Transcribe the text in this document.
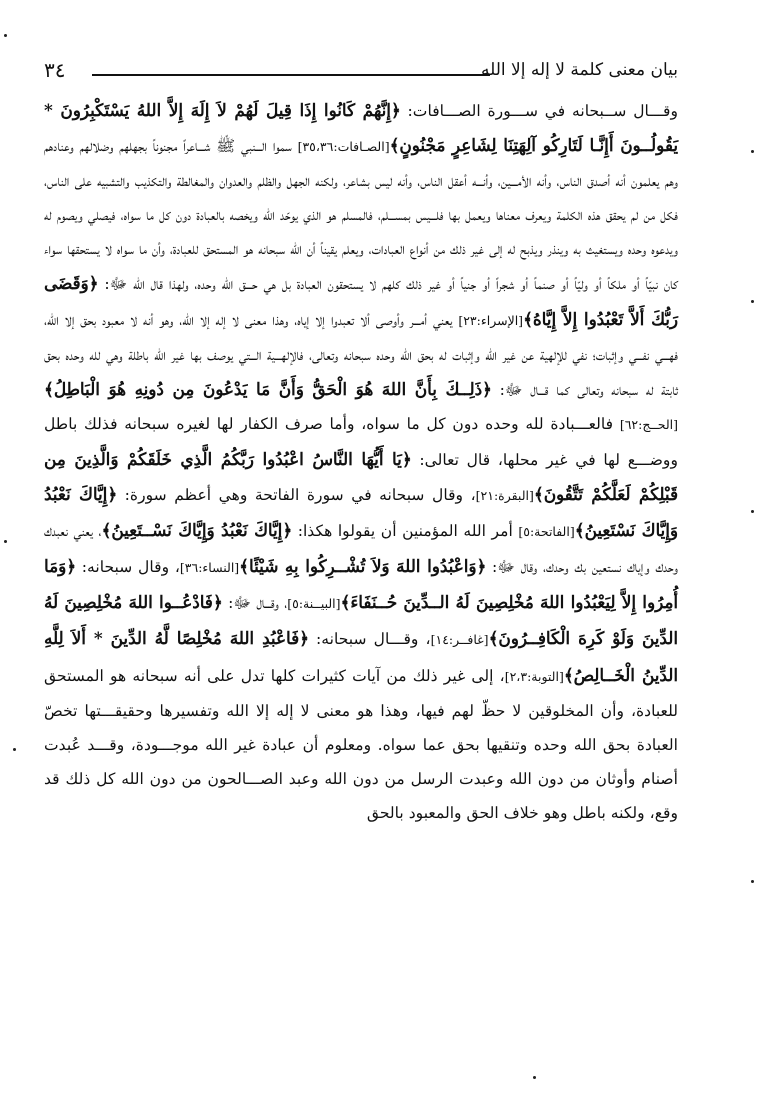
بيان معنى كلمة لا إله إلا الله
٣٤

وقـــال ســبحانه في ســـورة الصـــافات: ﴿إِنَّهُمْ كَانُوا إِذَا قِيلَ لَهُمْ لاَ إِلَهَ إِلاَّ اللهُ يَسْتَكْبِرُونَ * يَقُولُــونَ أَإِنَّـا لَتَارِكُو آلِهَتِنَا لِشَاعِرٍ مَجْنُونٍ﴾[الصـافات:٣٥،٣٦] سموا الـــنبي ﷺ شـــاعراً مجنوناً بجهلهم وضلالهم وعنادهم وهم يعلمون أنه أصدق الناس، وأنه الأمـــين، وأنـــه أعقل الناس، وأنه ليس بشاعر، ولكنه الجهل والظلم والعدوان والمغالطة والتكذيب والتشبيه على الناس، فكل من لم يحقق هذه الكلمة ويعرف معناها ويعمل بها فلـــيس بمســـلم، فالمسلم هو الذي يوحّد الله ويخصه بالعبادة دون كل ما سواه، فيصلي ويصوم له ويدعوه وحده ويستغيث به وينذر ويذبح له إلى غير ذلك من أنواع العبادات، ويعلم يقيناً أن الله سبحانه هو المستحق للعبادة، وأن ما سواه لا يستحقها سواء كان نبيّاً أو ملكاً أو وليّاً أو صنماً أو شجراً أو جنياً أو غير ذلك كلهم لا يستحقون العبادة بل هي حـــق الله وحده، ولهذا قال الله ﷻ: ﴿وَقَضَى رَبُّكَ أَلاَّ تَعْبُدُوا إِلاَّ إِيَّاهُ﴾[الإسراء:٢٣] يعني أمـــر وأوصى ألا تعبدوا إلا إياه، وهذا معنى لا إله إلا الله، وهو أنه لا معبود بحق إلا الله، فهـــي نفـــي وإثبات؛ نفي للإلهية عن غير الله وإثبات له بحق الله وحده سبحانه وتعالى، فالإلهـــية الـــتي يوصف بها غير الله باطلة وهي لله وحده بحق ثابتة له سبحانه وتعالى كما قـــال ﷻ: ﴿ذَلِــكَ بِأَنَّ اللهَ هُوَ الْحَقُّ وَأَنَّ مَا يَدْعُونَ مِن دُونِهِ هُوَ الْبَاطِلُ﴾[الحــج:٦٢] فالعـــبادة لله وحده دون كل ما سواه، وأما صرف الكفار لها لغيره سبحانه فذلك باطل ووضـــع لها في غير محلها، قال تعالى: ﴿يَا أَيُّهَا النَّاسُ اعْبُدُوا رَبَّكُمُ الَّذِي خَلَقَكُمْ وَالَّذِينَ مِن قَبْلِكُمْ لَعَلَّكُمْ تَتَّقُونَ﴾[البقرة:٢١]، وقال سبحانه في سورة الفاتحة وهي أعظم سورة: ﴿إِيَّاكَ نَعْبُدُ وَإِيَّاكَ نَسْتَعِينُ﴾[الفاتحة:٥] أمر الله المؤمنين أن يقولوا هكذا: ﴿إِيَّاكَ نَعْبُدُ وَإِيَّاكَ نَسْــتَعِينُ﴾، يعني نعبدك وحدك وإياك نستعين بك وحدك، وقال ﷻ: ﴿وَاعْبُدُوا اللهَ وَلاَ تُشْــرِكُوا بِهِ شَيْئًا﴾[النساء:٣٦]، وقال سبحانه: ﴿وَمَا أُمِرُوا إِلاَّ لِيَعْبُدُوا اللهَ مُخْلِصِينَ لَهُ الــدِّينَ حُــنَفَاءَ﴾[البيــنة:٥]، وقـــال ﷻ: ﴿فَادْعُــوا اللهَ مُخْلِصِينَ لَهُ الدِّينَ وَلَوْ كَرِهَ الْكَافِــرُونَ﴾[غافــر:١٤]، وقـــال سبحانه: ﴿فَاعْبُدِ اللهَ مُخْلِصًا لَّهُ الدِّينَ * أَلاَ لِلَّهِ الدِّينُ الْخَــالِصُ﴾[التوبة:٢،٣]، إلى غير ذلك من آيات كثيرات كلها تدل على أنه سبحانه هو المستحق للعبادة، وأن المخلوقين لا حظّ لهم فيها، وهذا هو معنى لا إله إلا الله وتفسيرها وحقيقـــتها تخصّ العبادة بحق الله وحده وتنقيها بحق عما سواه. ومعلوم أن عبادة غير الله موجـــودة، وقـــد عُبدت أصنام وأوثان من دون الله وعبدت الرسل من دون الله وعبد الصـــالحون من دون الله كل ذلك قد وقع، ولكنه باطل وهو خلاف الحق والمعبود بالحق
